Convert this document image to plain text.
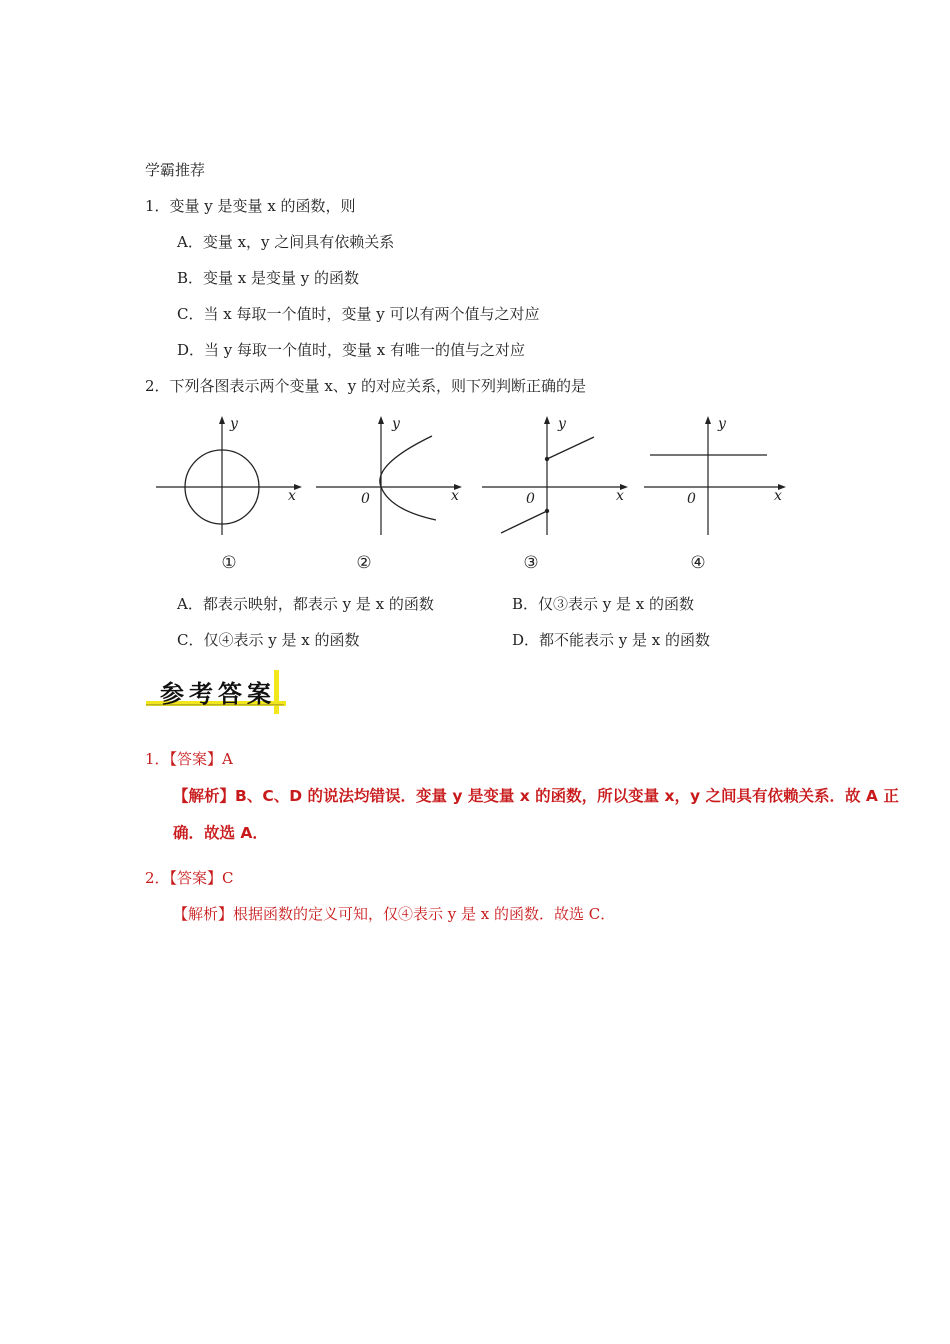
学霸推荐
1．变量 y 是变量 x 的函数，则
A．变量 x，y 之间具有依赖关系
B．变量 x 是变量 y 的函数
C．当 x 每取一个值时，变量 y 可以有两个值与之对应
D．当 y 每取一个值时，变量 x 有唯一的值与之对应
2．下列各图表示两个变量 x、y 的对应关系，则下列判断正确的是
y
x
y
x
0
y
x
0
y
x
0
①	②	③	④
A．都表示映射，都表示 y 是 x 的函数	B．仅③表示 y 是 x 的函数
C．仅④表示 y 是 x 的函数	D．都不能表示 y 是 x 的函数
参考答案
1．【答案】A
【解析】B、C、D 的说法均错误．变量 y 是变量 x 的函数，所以变量 x，y 之间具有依赖关系．故 A 正
确．故选 A．
2．【答案】C
【解析】根据函数的定义可知，仅④表示 y 是 x 的函数．故选 C．
